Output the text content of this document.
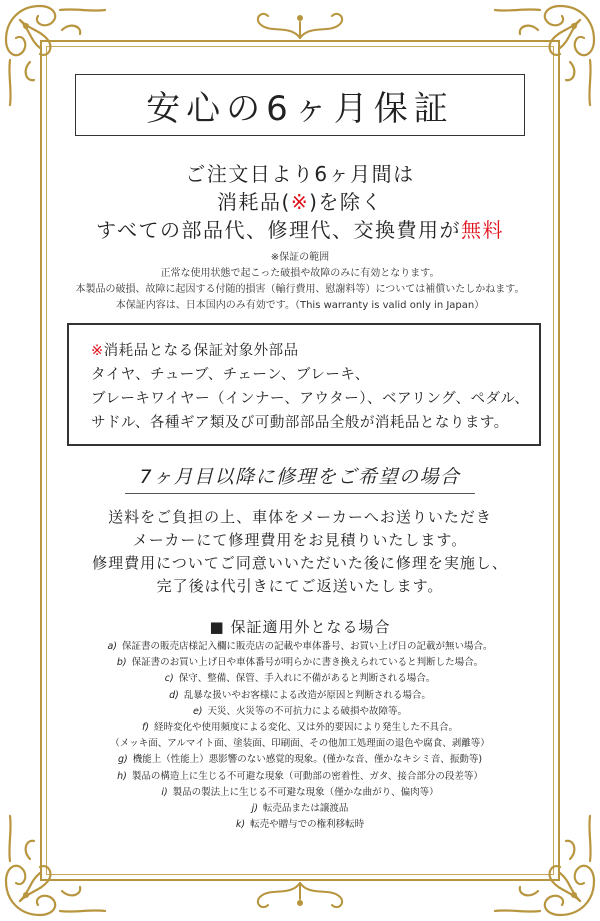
安心の6ヶ月保証
ご注文日より6ヶ月間は
消耗品(※)を除く
すべての部品代、修理代、交換費用が無料
※保証の範囲
正常な使用状態で起こった破損や故障のみに有効となります。
本製品の破損、故障に起因する付随的損害（輸行費用、慰謝料等）については補償いたしかねます。
本保証内容は、日本国内のみ有効です。（This warranty is valid only in Japan）
※消耗品となる保証対象外部品
タイヤ、チューブ、チェーン、ブレーキ、
ブレーキワイヤー（インナー、アウター）、ベアリング、ペダル、
サドル、各種ギア類及び可動部部品全般が消耗品となります。
7ヶ月目以降に修理をご希望の場合
送料をご負担の上、車体をメーカーへお送りいただき
メーカーにて修理費用をお見積りいたします。
修理費用についてご同意いいただいた後に修理を実施し、
完了後は代引きにてご返送いたします。
■ 保証適用外となる場合
a) 保証書の販売店様記入欄に販売店の記載や車体番号、お買い上げ日の記載が無い場合。
b) 保証書のお買い上げ日や車体番号が明らかに書き換えられていると判断した場合。
c) 保守、整備、保管、手入れに不備があると判断される場合。
d) 乱暴な扱いやお客様による改造が原因と判断される場合。
e) 天災、火災等の不可抗力による破損や故障等。
f) 経時変化や使用頻度による変化、又は外的要因により発生した不具合。
（メッキ面、アルマイト面、塗装面、印刷面、その他加工処理面の退色や腐食、剥離等）
g) 機能上（性能上）悪影響のない感覚的現象。(僅かな音、僅かなキシミ音、振動等)
h) 製品の構造上に生じる不可避な現象（可動部の密着性、ガタ、接合部分の段差等）
i) 製品の製法上に生じる不可避な現象（僅かな曲がり、偏肉等）
j) 転売品または譲渡品
k) 転売や贈与での権利移転時
